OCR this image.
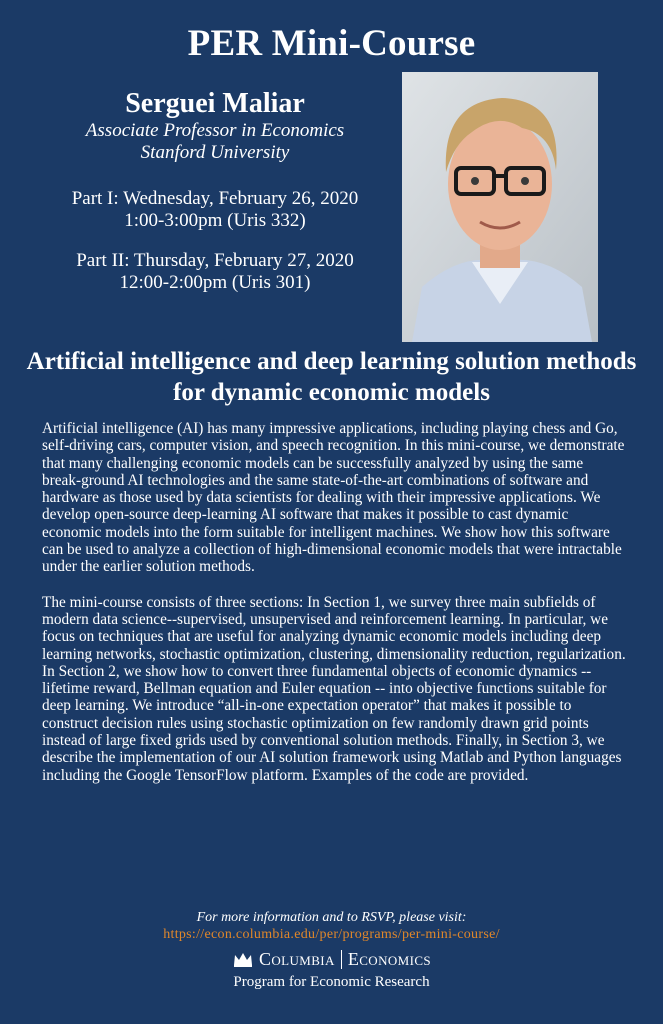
PER Mini-Course
Serguei Maliar
Associate Professor in Economics
Stanford University
Part I: Wednesday, February 26, 2020
1:00-3:00pm (Uris 332)
Part II: Thursday, February 27, 2020
12:00-2:00pm (Uris 301)
Artificial intelligence and deep learning solution methods for dynamic economic models

Artificial intelligence (AI) has many impressive applications, including playing chess and Go, self-driving cars, computer vision, and speech recognition. In this mini-course, we demonstrate that many challenging economic models can be successfully analyzed by using the same break-ground AI technologies and the same state-of-the-art combinations of software and hardware as those used by data scientists for dealing with their impressive applications. We develop open-source deep-learning AI software that makes it possible to cast dynamic economic models into the form suitable for intelligent machines. We show how this software can be used to analyze a collection of high-dimensional economic models that were intractable under the earlier solution methods.

The mini-course consists of three sections: In Section 1, we survey three main subfields of modern data science--supervised, unsupervised and reinforcement learning. In particular, we focus on techniques that are useful for analyzing dynamic economic models including deep learning networks, stochastic optimization, clustering, dimensionality reduction, regularization. In Section 2, we show how to convert three fundamental objects of economic dynamics -- lifetime reward, Bellman equation and Euler equation -- into objective functions suitable for deep learning. We introduce “all-in-one expectation operator” that makes it possible to construct decision rules using stochastic optimization on few randomly drawn grid points instead of large fixed grids used by conventional solution methods. Finally, in Section 3, we describe the implementation of our AI solution framework using Matlab and Python languages including the Google TensorFlow platform. Examples of the code are provided.

For more information and to RSVP, please visit:
https://econ.columbia.edu/per/programs/per-mini-course/
Columbia Economics
Program for Economic Research
